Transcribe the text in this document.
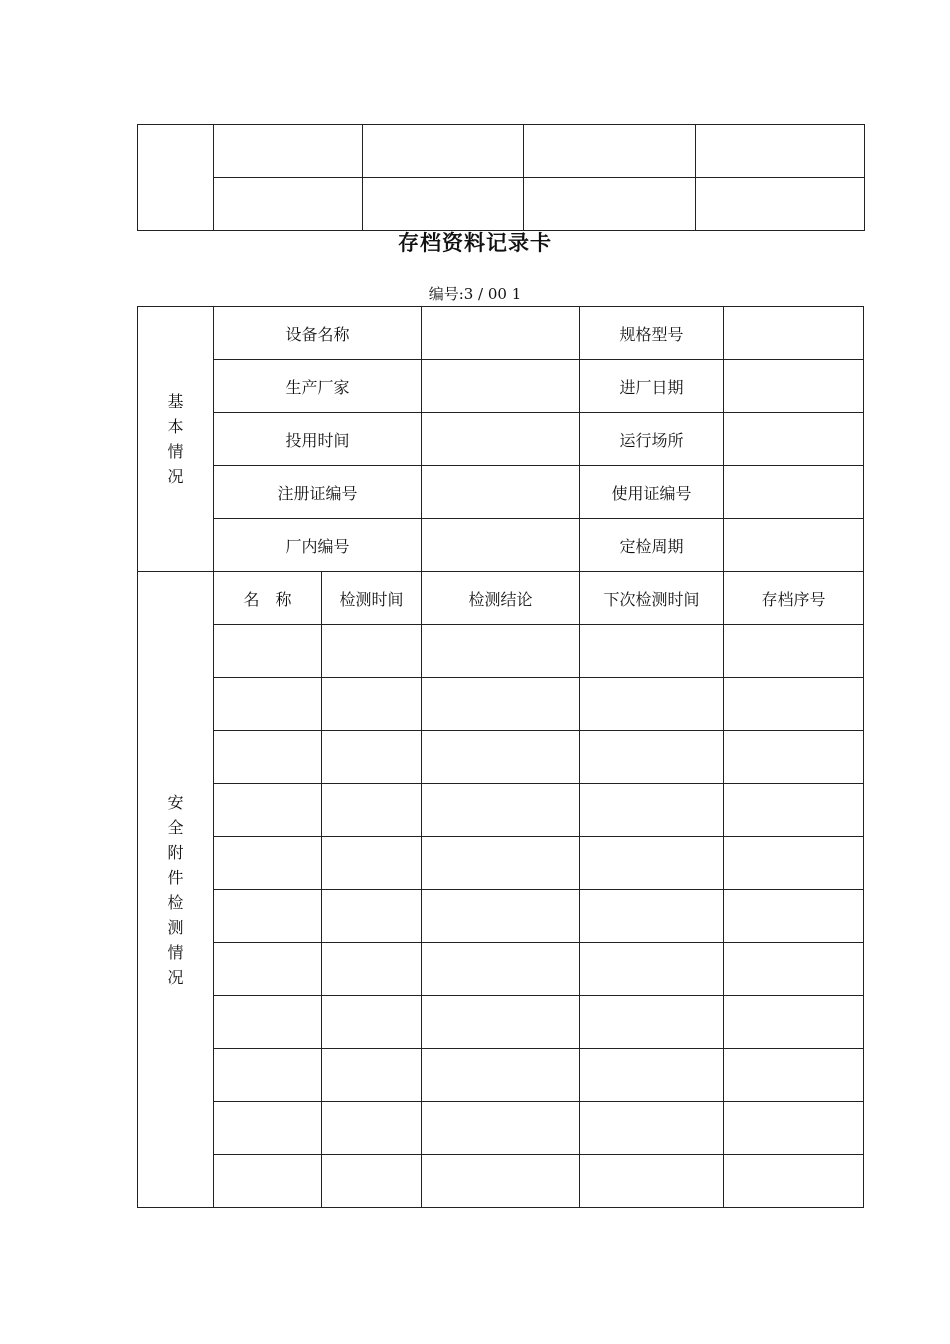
存档资料记录卡
编号:3 / 00 1
基本情况	设备名称			规格型号	
	生产厂家			进厂日期	
	投用时间			运行场所	
	注册证编号			使用证编号	
	厂内编号			定检周期	
安全附件检测情况	名　称	检测时间	检测结论	下次检测时间	存档序号
